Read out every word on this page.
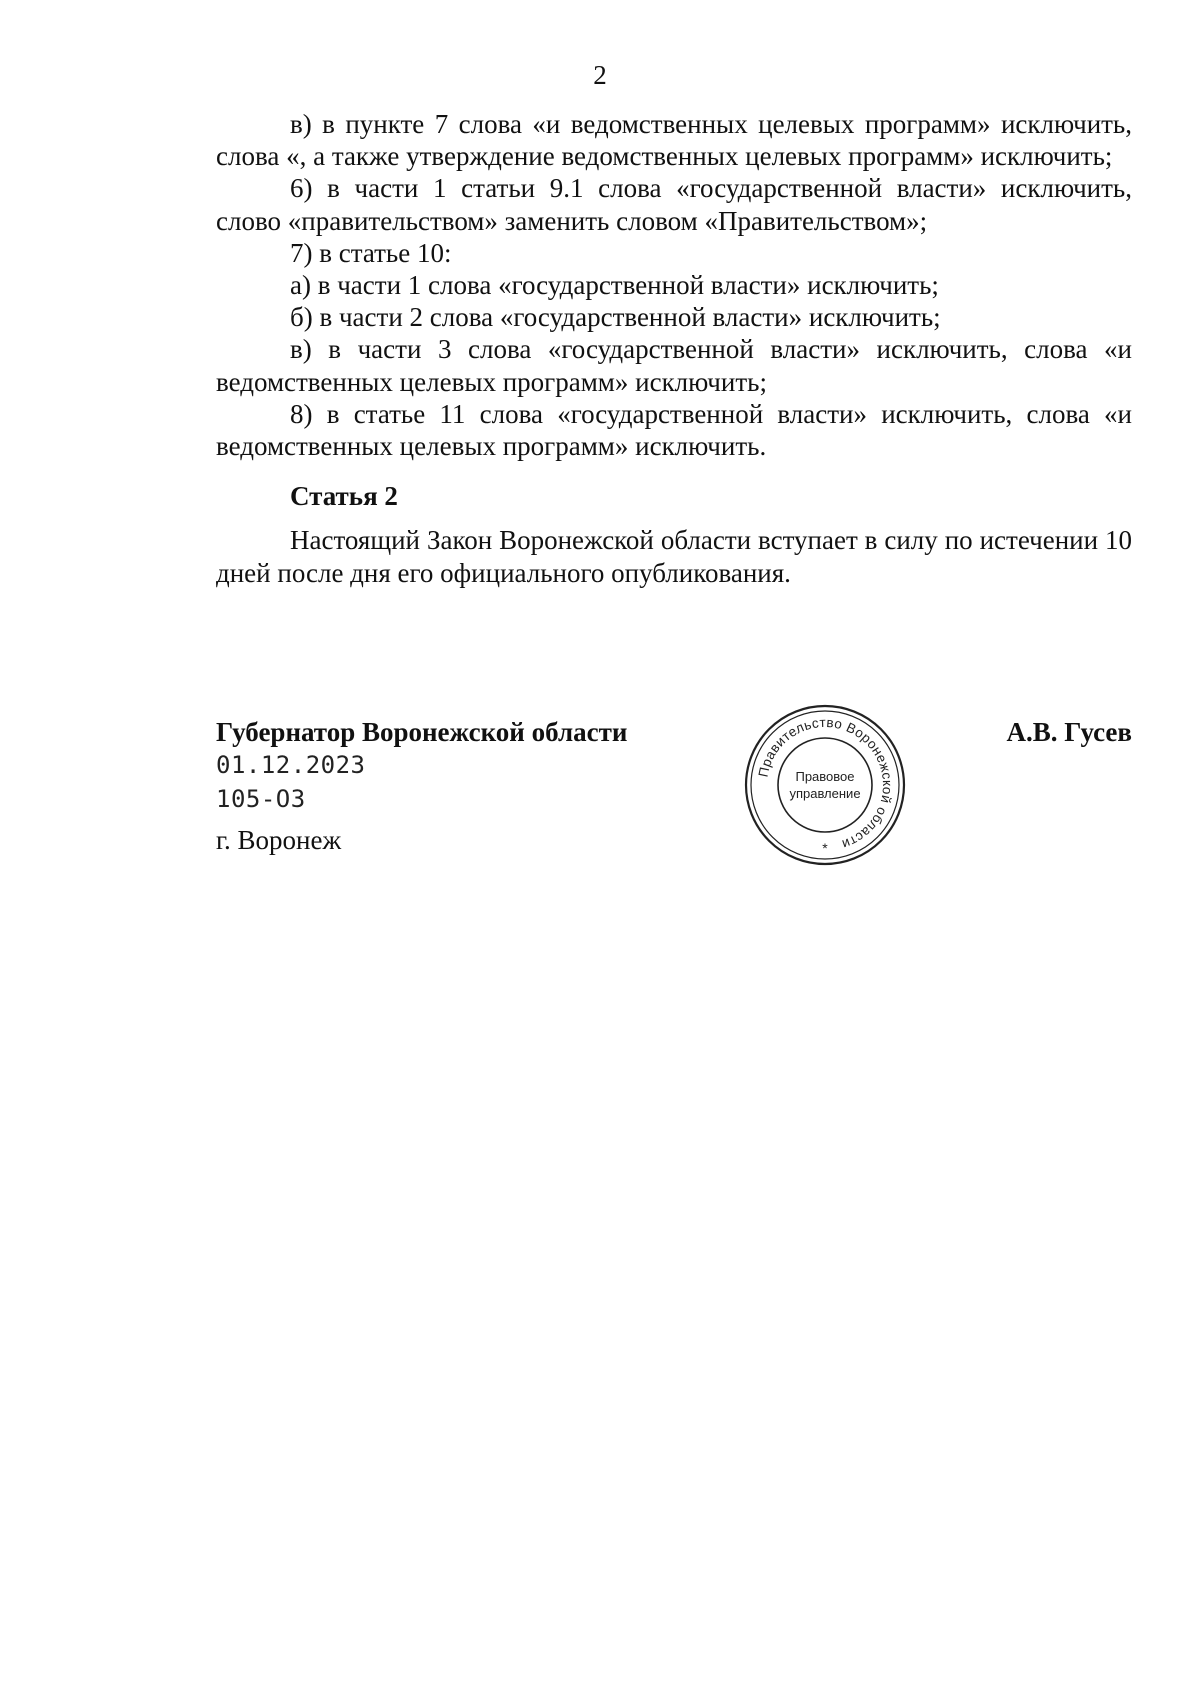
2

в) в пункте 7 слова «и ведомственных целевых программ» исключить, слова «, а также утверждение ведомственных целевых программ» исключить;

6) в части 1 статьи 9.1 слова «государственной власти» исключить, слово «правительством» заменить словом «Правительством»;

7) в статье 10:

а) в части 1 слова «государственной власти» исключить;

б) в части 2 слова «государственной власти» исключить;

в) в части 3 слова «государственной власти» исключить, слова «и ведомственных целевых программ» исключить;

8) в статье 11 слова «государственной власти» исключить, слова «и ведомственных целевых программ» исключить.

Статья 2

Настоящий Закон Воронежской области вступает в силу по истечении 10 дней после дня его официального опубликования.

Губернатор Воронежской области
01.12.2023
105-ОЗ
г. Воронеж
А.В. Гусев
Правительство Воронежской области
Правовое
управление
*
